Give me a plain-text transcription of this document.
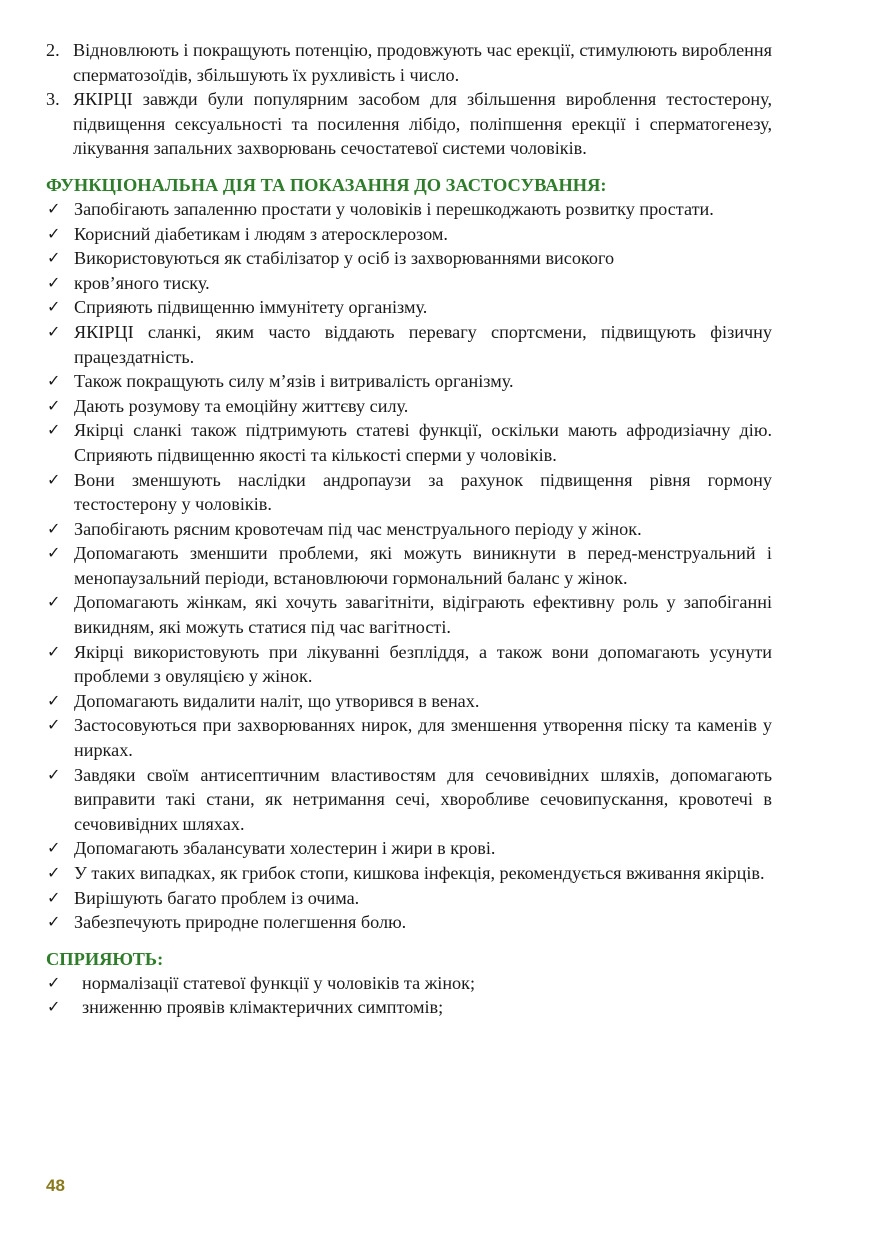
2. Відновлюють і покращують потенцію, продовжують час ерекції, стимулюють вироблення сперматозоїдів, збільшують їх рухливість і число.
3. ЯКІРЦІ завжди були популярним засобом для збільшення вироблення тестостерону, підвищення сексуальності та посилення лібідо, поліпшення ерекції і сперматогенезу, лікування запальних захворювань сечостатевої системи чоловіків.
ФУНКЦІОНАЛЬНА ДІЯ ТА ПОКАЗАННЯ ДО ЗАСТОСУВАННЯ:
✓ Запобігають запаленню простати у чоловіків і перешкоджають розвитку простати.
✓ Корисний діабетикам і людям з атеросклерозом.
✓ Використовуються як стабілізатор у осіб із захворюваннями високого
✓ кров’яного тиску.
✓ Сприяють підвищенню іммунітету організму.
✓ ЯКІРЦІ сланкі, яким часто віддають перевагу спортсмени, підвищують фізичну працездатність.
✓ Також покращують силу м’язів і витривалість організму.
✓ Дають розумову та емоційну життєву силу.
✓ Якірці сланкі також підтримують статеві функції, оскільки мають афродизіачну дію. Сприяють підвищенню якості та кількості сперми у чоловіків.
✓ Вони зменшують наслідки андропаузи за рахунок підвищення рівня гормону тестостерону у чоловіків.
✓ Запобігають рясним кровотечам під час менструального періоду у жінок.
✓ Допомагають зменшити проблеми, які можуть виникнути в перед-менструальний і менопаузальний періоди, встановлюючи гормональний баланс у жінок.
✓ Допомагають жінкам, які хочуть завагітніти, відіграють ефективну роль у запобіганні викидням, які можуть статися під час вагітності.
✓ Якірці використовують при лікуванні безпліддя, а також вони допомагають усунути проблеми з овуляцією у жінок.
✓ Допомагають видалити наліт, що утворився в венах.
✓ Застосовуються при захворюваннях нирок, для зменшення утворення піску та каменів у нирках.
✓ Завдяки своїм антисептичним властивостям для сечовивідних шляхів, допомагають виправити такі стани, як нетримання сечі, хворобливе сечовипускання, кровотечі в сечовивідних шляхах.
✓ Допомагають збалансувати холестерин і жири в крові.
✓ У таких випадках, як грибок стопи, кишкова інфекція, рекомендується вживання якірців.
✓ Вирішують багато проблем із очима.
✓ Забезпечують природне полегшення болю.
СПРИЯЮТЬ:
✓ нормалізації статевої функції у чоловіків та жінок;
✓ зниженню проявів клімактеричних симптомів;
48
